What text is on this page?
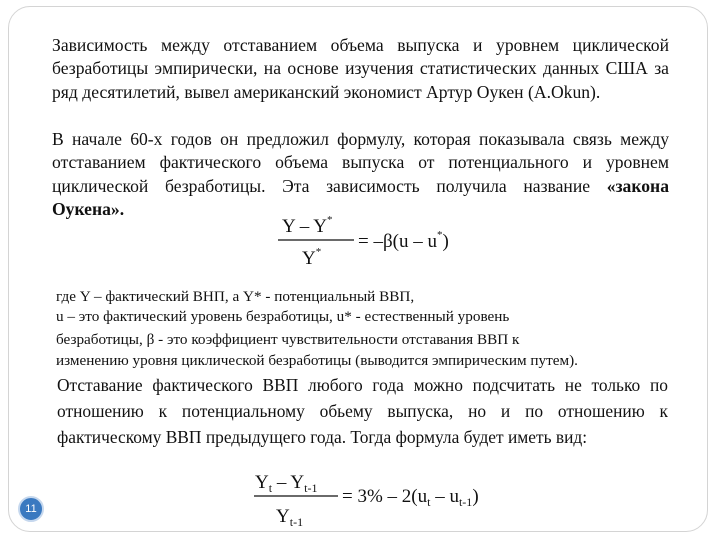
Зависимость между отставанием объема выпуска и уровнем циклической безработицы эмпирически, на основе изучения статистических данных США за ряд десятилетий, вывел американский экономист Артур Оукен (A.Okun).

В начале 60-х годов он предложил формулу, которая показывала связь между отставанием фактического объема выпуска от потенциального и уровнем циклической безработицы. Эта зависимость получила название «закона Оукена».

Y – Y*
Y* = –β(u – u*)

где Y – фактический ВНП, а Y* - потенциальный ВВП,

u – это фактический уровень безработицы, u* - естественный уровень

безработицы, β - это коэффициент чувствительности отставания ВВП к

изменению уровня циклической безработицы (выводится эмпирическим путем).

Отставание фактического ВВП любого года можно подсчитать не только по отношению к потенциальному обьему выпуска, но и по отношению к фактическому ВВП предыдущего года. Тогда формула будет иметь вид:

$Y_t - Y_{t-1}$
$Y_{t-1}$
= $3\% - 2(u_t - u_{t-1})$
11
